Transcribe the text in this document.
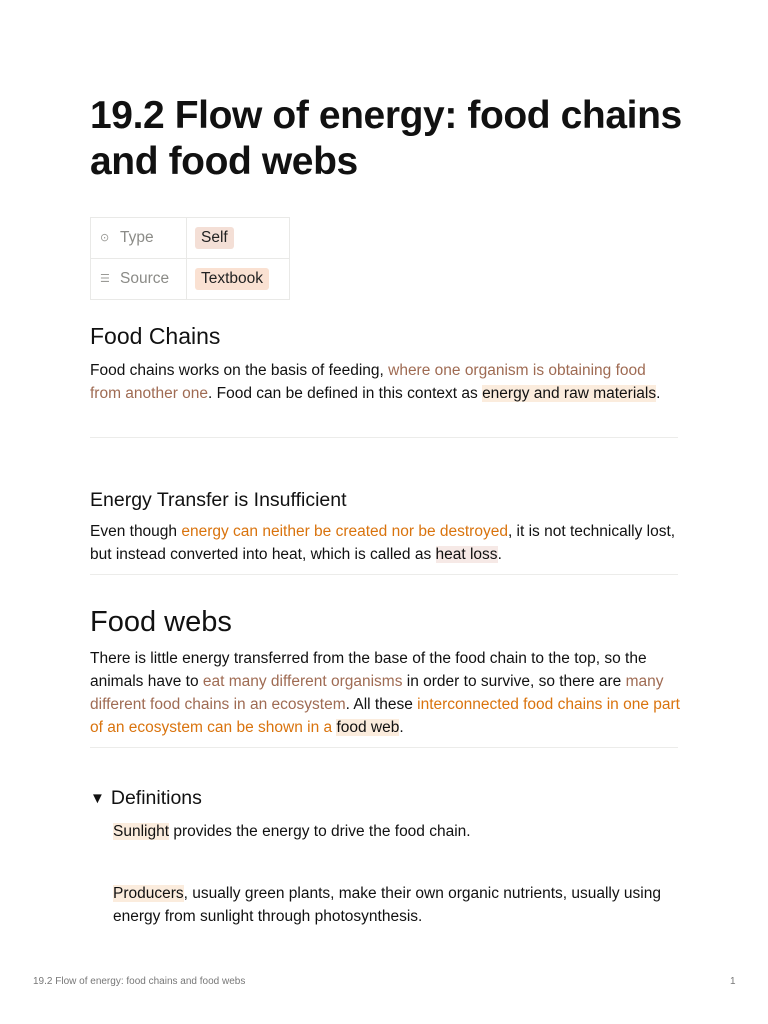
19.2 Flow of energy: food chains and food webs
⊙ Type	Self
☰ Source	Textbook
Food Chains

Food chains works on the basis of feeding, where one organism is obtaining food from another one. Food can be defined in this context as energy and raw materials.

Energy Transfer is Insufficient

Even though energy can neither be created nor be destroyed, it is not technically lost, but instead converted into heat, which is called as heat loss.

Food webs

There is little energy transferred from the base of the food chain to the top, so the animals have to eat many different organisms in order to survive, so there are many different food chains in an ecosystem. All these interconnected food chains in one part of an ecosystem can be shown in a food web.

▼ Definitions

Sunlight provides the energy to drive the food chain.

Producers, usually green plants, make their own organic nutrients, usually using energy from sunlight through photosynthesis.

19.2 Flow of energy: food chains and food webs	1
